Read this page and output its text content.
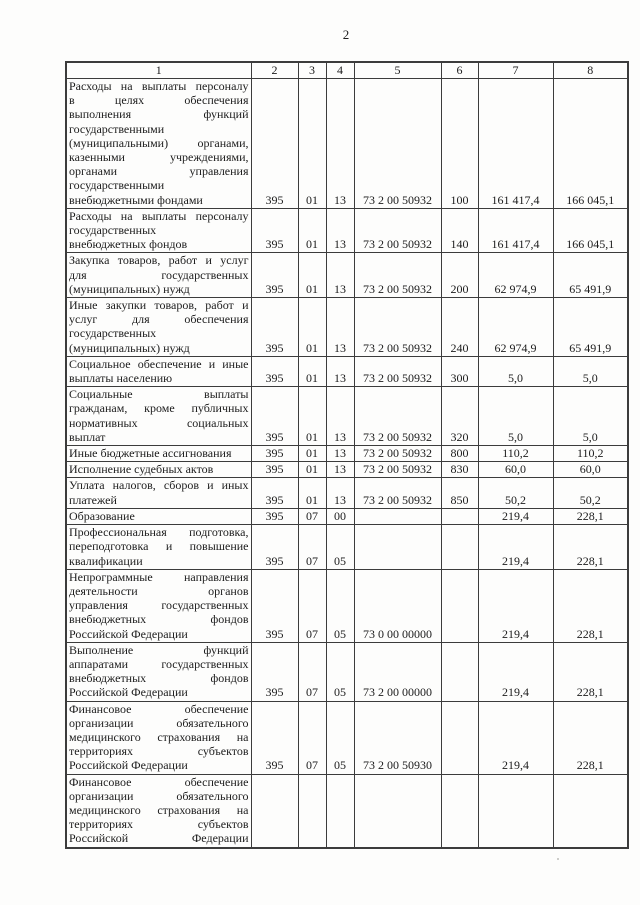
2
1	2	3	4	5	6	7	8

Расходы на выплаты персоналу
в целях обеспечения
выполнения функций
государственными
(муниципальными) органами,
казенными учреждениями,
органами управления
государственными
внебюджетными фондами	395	01	13	73 2 00 50932	100	161 417,4	166 045,1

Расходы на выплаты персоналу
государственных
внебюджетных фондов	395	01	13	73 2 00 50932	140	161 417,4	166 045,1

Закупка товаров, работ и услуг
для государственных
(муниципальных) нужд	395	01	13	73 2 00 50932	200	62 974,9	65 491,9

Иные закупки товаров, работ и
услуг для обеспечения
государственных
(муниципальных) нужд	395	01	13	73 2 00 50932	240	62 974,9	65 491,9

Социальное обеспечение и иные
выплаты населению	395	01	13	73 2 00 50932	300	5,0	5,0

Социальные выплаты
гражданам, кроме публичных
нормативных социальных
выплат	395	01	13	73 2 00 50932	320	5,0	5,0

Иные бюджетные ассигнования	395	01	13	73 2 00 50932	800	110,2	110,2

Исполнение судебных актов	395	01	13	73 2 00 50932	830	60,0	60,0

Уплата налогов, сборов и иных
платежей	395	01	13	73 2 00 50932	850	50,2	50,2

Образование	395	07	00			219,4	228,1

Профессиональная подготовка,
переподготовка и повышение
квалификации	395	07	05			219,4	228,1

Непрограммные направления
деятельности органов
управления государственных
внебюджетных фондов
Российской Федерации	395	07	05	73 0 00 00000		219,4	228,1

Выполнение функций
аппаратами государственных
внебюджетных фондов
Российской Федерации	395	07	05	73 2 00 00000		219,4	228,1

Финансовое обеспечение
организации обязательного
медицинского страхования на
территориях субъектов
Российской Федерации	395	07	05	73 2 00 50930		219,4	228,1

Финансовое обеспечение
организации обязательного
медицинского страхования на
территориях субъектов
Российской Федерации							
